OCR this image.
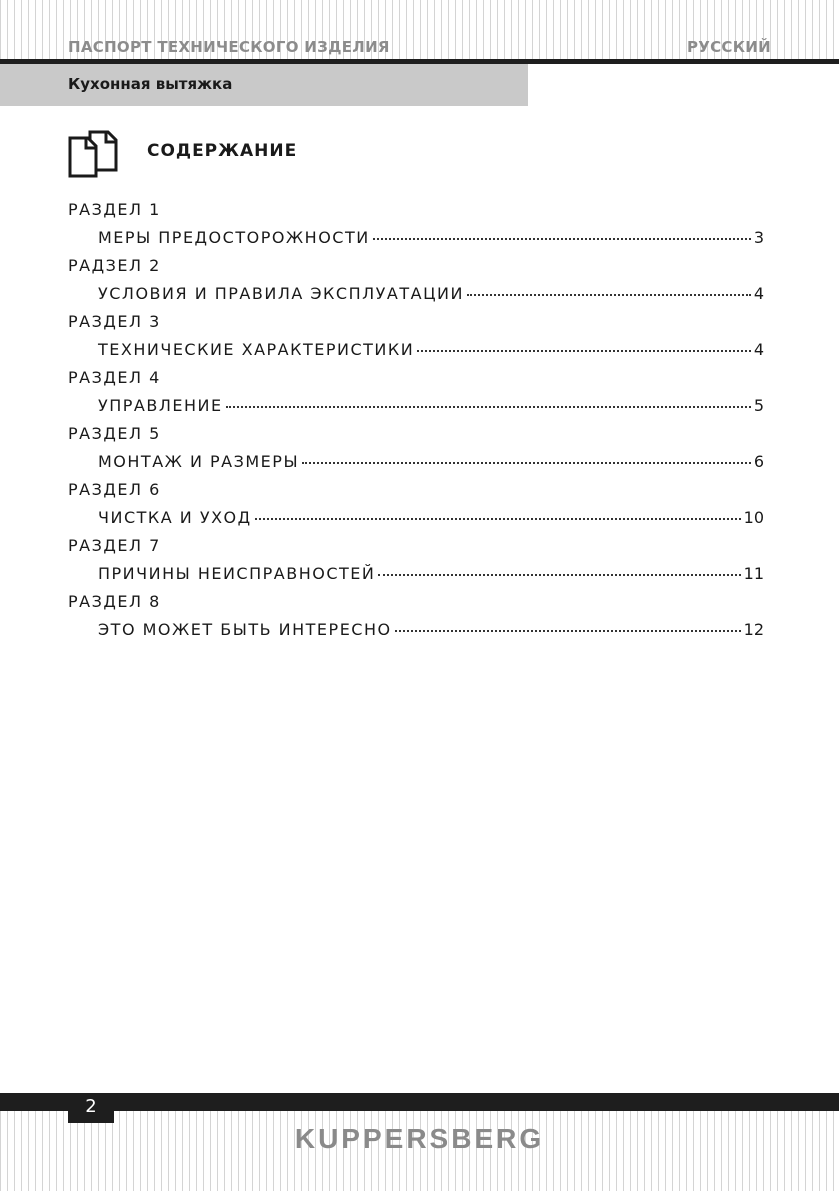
ПАСПОРТ ТЕХНИЧЕСКОГО ИЗДЕЛИЯ	РУССКИЙ
Кухонная вытяжка
СОДЕРЖАНИЕ
РАЗДЕЛ 1
МЕРЫ ПРЕДОСТОРОЖНОСТИ	3
РАДЗЕЛ 2
УСЛОВИЯ И ПРАВИЛА ЭКСПЛУАТАЦИИ	4
РАЗДЕЛ 3
ТЕХНИЧЕСКИЕ ХАРАКТЕРИСТИКИ	4
РАЗДЕЛ 4
УПРАВЛЕНИЕ	5
РАЗДЕЛ 5
МОНТАЖ И РАЗМЕРЫ	6
РАЗДЕЛ 6
ЧИСТКА И УХОД	10
РАЗДЕЛ 7
ПРИЧИНЫ НЕИСПРАВНОСТЕЙ	11
РАЗДЕЛ 8
ЭТО МОЖЕТ БЫТЬ ИНТЕРЕСНО	12
2
KUPPERSBERG
